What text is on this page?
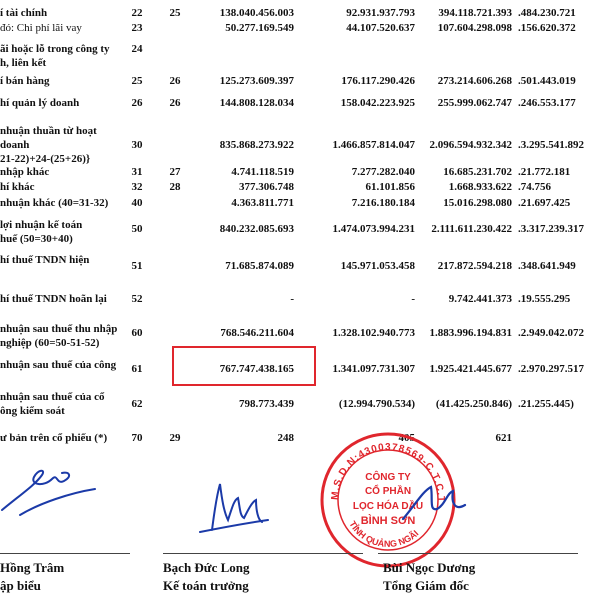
í tài chính	22	25	138.040.456.003	92.931.937.793	394.118.721.393 484.230.721.
đó: Chi phí lãi vay	23	50.277.169.549	44.107.520.637	107.604.298.098 156.620.372.
ãi hoặc lỗ trong công ty
h, liên kết
24
í bán hàng	25	26	125.273.609.397	176.117.290.426	273.214.606.268 501.443.019.
hí quản lý doanh	26	26	144.808.128.034	158.042.223.925	255.999.062.747 246.553.177.
nhuận thuần từ hoạt
doanh
21-22)+24-(25+26)}
30	835.868.273.922	1.466.857.814.047	2.096.594.932.342 3.295.541.892.
nhập khác	31	27	4.741.118.519	7.277.282.040	16.685.231.702 21.772.181.
hí khác	32	28	377.306.748	61.101.856	1.668.933.622 74.756.
nhuận khác (40=31-32)	40	4.363.811.771	7.216.180.184	15.016.298.080 21.697.425.
lợi nhuận kế toán
huế (50=30+40)
50	840.232.085.693	1.474.073.994.231	2.111.611.230.422 3.317.239.317.
hí thuế TNDN hiện	51	71.685.874.089	145.971.053.458	217.872.594.218 348.641.949.
hí thuế TNDN hoãn lại	52	-	-	9.742.441.373 19.555.295.
nhuận sau thuế thu nhập
nghiệp (60=50-51-52)
60	768.546.211.604	1.328.102.940.773	1.883.996.194.831 2.949.042.072.
nhuận sau thuế của công	61	767.747.438.165	1.341.097.731.307	1.925.421.445.677 2.970.297.517.
nhuận sau thuế của cổ
ông kiểm soát
62	798.773.439	(12.994.790.534)	(41.425.250.846) (21.255.445.
ư bản trên cổ phiếu (*)	70	29	248	405	621
M.S.D.N:4300378569-C.T.C.T
TỈNH QUẢNG NGÃI
CÔNG TY
CỔ PHẦN
LỌC HÓA DẦU
BÌNH SƠN
Hồng Trâm
ập biểu
Bạch Đức Long
Kế toán trưởng
Bùi Ngọc Dương
Tổng Giám đốc
